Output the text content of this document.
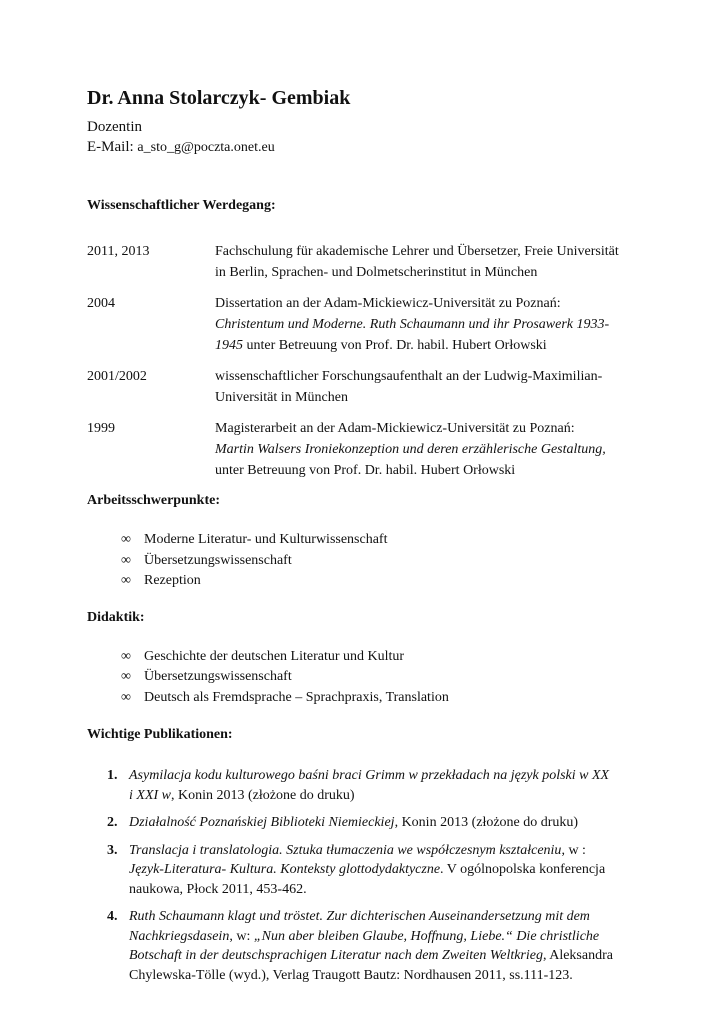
Dr. Anna Stolarczyk- Gembiak
Dozentin
E-Mail: a_sto_g@poczta.onet.eu
Wissenschaftlicher Werdegang:
2011, 2013	Fachschulung für akademische Lehrer und Übersetzer, Freie Universität
in Berlin, Sprachen- und Dolmetscherinstitut in München
2004	Dissertation an der Adam-Mickiewicz-Universität zu Poznań:
Christentum und Moderne. Ruth Schaumann und ihr Prosawerk 1933-
1945 unter Betreuung von Prof. Dr. habil. Hubert Orłowski
2001/2002	wissenschaftlicher Forschungsaufenthalt an der Ludwig-Maximilian-
Universität in München
1999	Magisterarbeit an der Adam-Mickiewicz-Universität zu Poznań:
Martin Walsers Ironiekonzeption und deren erzählerische Gestaltung,
unter Betreuung von Prof. Dr. habil. Hubert Orłowski
Arbeitsschwerpunkte:
∞ Moderne Literatur- und Kulturwissenschaft
∞ Übersetzungswissenschaft
∞ Rezeption
Didaktik:
∞ Geschichte der deutschen Literatur und Kultur
∞ Übersetzungswissenschaft
∞ Deutsch als Fremdsprache – Sprachpraxis, Translation
Wichtige Publikationen:
1. Asymilacja kodu kulturowego baśni braci Grimm w przekładach na język polski w XX
i XXI w, Konin 2013 (złożone do druku)
2. Działalność Poznańskiej Biblioteki Niemieckiej, Konin 2013 (złożone do druku)
3. Translacja i translatologia. Sztuka tłumaczenia we współczesnym kształceniu, w :
Język-Literatura- Kultura. Konteksty glottodydaktyczne. V ogólnopolska konferencja
naukowa, Płock 2011, 453-462.
4. Ruth Schaumann klagt und tröstet. Zur dichterischen Auseinandersetzung mit dem
Nachkriegsdasein, w: „Nun aber bleiben Glaube, Hoffnung, Liebe.“ Die christliche
Botschaft in der deutschsprachigen Literatur nach dem Zweiten Weltkrieg, Aleksandra
Chylewska-Tölle (wyd.), Verlag Traugott Bautz: Nordhausen 2011, ss.111-123.
